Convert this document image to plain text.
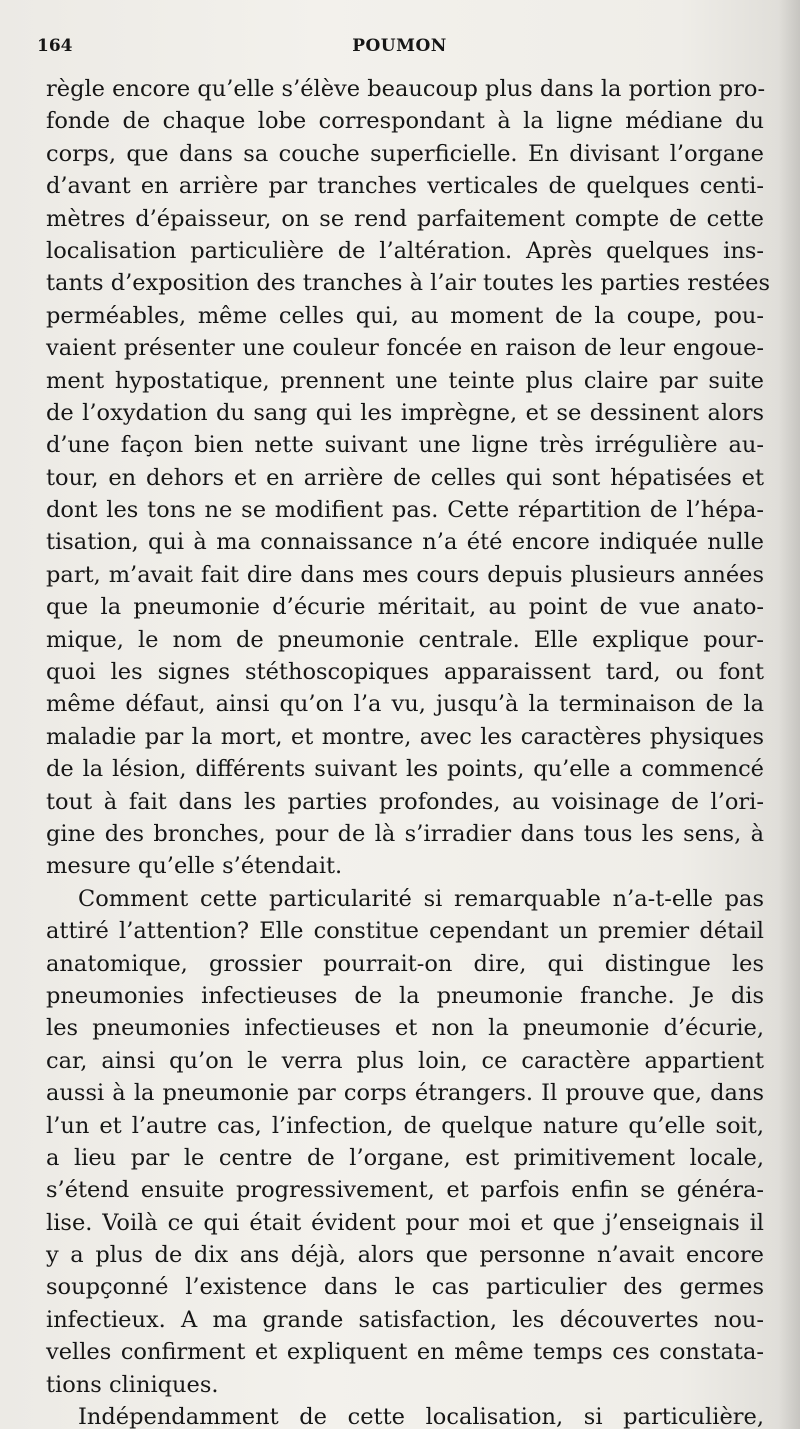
164	POUMON
règle encore qu’elle s’élève beaucoup plus dans la portion pro-
fonde de chaque lobe correspondant à la ligne médiane du
corps, que dans sa couche superficielle. En divisant l’organe
d’avant en arrière par tranches verticales de quelques centi-
mètres d’épaisseur, on se rend parfaitement compte de cette
localisation particulière de l’altération. Après quelques ins-
tants d’exposition des tranches à l’air toutes les parties restées
perméables, même celles qui, au moment de la coupe, pou-
vaient présenter une couleur foncée en raison de leur engoue-
ment hypostatique, prennent une teinte plus claire par suite
de l’oxydation du sang qui les imprègne, et se dessinent alors
d’une façon bien nette suivant une ligne très irrégulière au-
tour, en dehors et en arrière de celles qui sont hépatisées et
dont les tons ne se modifient pas. Cette répartition de l’hépa-
tisation, qui à ma connaissance n’a été encore indiquée nulle
part, m’avait fait dire dans mes cours depuis plusieurs années
que la pneumonie d’écurie méritait, au point de vue anato-
mique, le nom de pneumonie centrale. Elle explique pour-
quoi les signes stéthoscopiques apparaissent tard, ou font
même défaut, ainsi qu’on l’a vu, jusqu’à la terminaison de la
maladie par la mort, et montre, avec les caractères physiques
de la lésion, différents suivant les points, qu’elle a commencé
tout à fait dans les parties profondes, au voisinage de l’ori-
gine des bronches, pour de là s’irradier dans tous les sens, à
mesure qu’elle s’étendait.
Comment cette particularité si remarquable n’a-t-elle pas
attiré l’attention? Elle constitue cependant un premier détail
anatomique, grossier pourrait-on dire, qui distingue les
pneumonies infectieuses de la pneumonie franche. Je dis
les pneumonies infectieuses et non la pneumonie d’écurie,
car, ainsi qu’on le verra plus loin, ce caractère appartient
aussi à la pneumonie par corps étrangers. Il prouve que, dans
l’un et l’autre cas, l’infection, de quelque nature qu’elle soit,
a lieu par le centre de l’organe, est primitivement locale,
s’étend ensuite progressivement, et parfois enfin se généra-
lise. Voilà ce qui était évident pour moi et que j’enseignais il
y a plus de dix ans déjà, alors que personne n’avait encore
soupçonné l’existence dans le cas particulier des germes
infectieux. A ma grande satisfaction, les découvertes nou-
velles confirment et expliquent en même temps ces constata-
tions cliniques.
Indépendamment de cette localisation, si particulière,
